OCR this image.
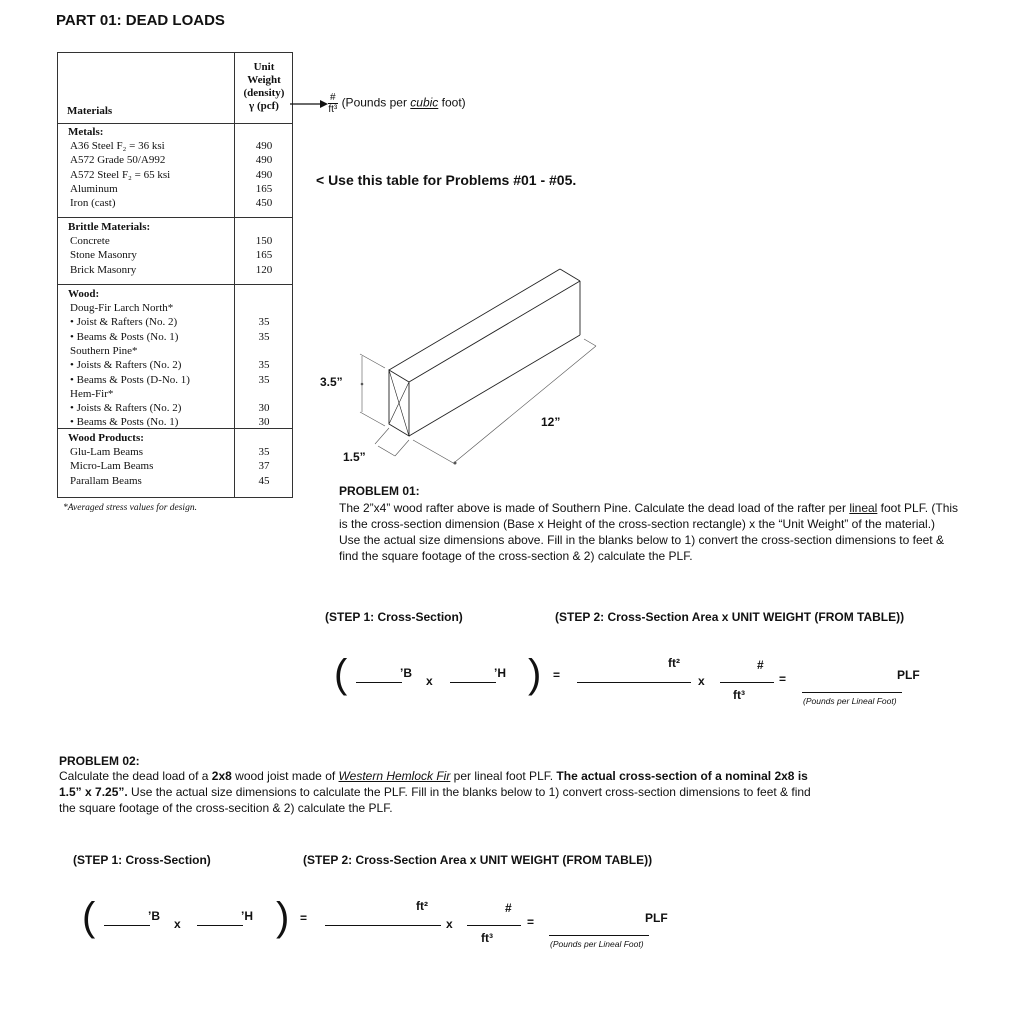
PART 01: DEAD LOADS
Materials
Unit
Weight
(density)
γ (pcf)
Metals:
A36 Steel F₂ = 36 ksi	490
A572 Grade 50/A992	490
A572 Steel F₂ = 65 ksi	490
Aluminum	165
Iron (cast)	450
Brittle Materials:
Concrete	150
Stone Masonry	165
Brick Masonry	120
Wood:
Doug-Fir Larch North*
• Joist & Rafters (No. 2)	35
• Beams & Posts (No. 1)	35
Southern Pine*
• Joists & Rafters (No. 2)	35
• Beams & Posts (D-No. 1)	35
Hem-Fir*
• Joists & Rafters (No. 2)	30
• Beams & Posts (No. 1)	30
Wood Products:
Glu-Lam Beams	35
Micro-Lam Beams	37
Parallam Beams	45
*Averaged stress values for design.
#
ft³ (Pounds per cubic foot)
< Use this table for Problems #01 - #05.
3.5”
1.5”
12”
PROBLEM 01:
The 2”x4” wood rafter above is made of Southern Pine. Calculate the dead load of the rafter per lineal foot PLF. (This is the cross-section dimension (Base x Height of the cross-section rectangle) x the “Unit Weight” of the material.) Use the actual size dimensions above. Fill in the blanks below to 1) convert the cross-section dimensions to feet & find the square footage of the cross-section & 2) calculate the PLF.
(STEP 1: Cross-Section)	(STEP 2: Cross-Section Area x UNIT WEIGHT (FROM TABLE))
(	’B
x
’H ) =
ft²
x
#
ft³
=	PLF
(Pounds per Lineal Foot)
PROBLEM 02:
Calculate the dead load of a 2x8 wood joist made of Western Hemlock Fir per lineal foot PLF. The actual cross-section of a nominal 2x8 is 1.5” x 7.25”. Use the actual size dimensions to calculate the PLF. Fill in the blanks below to 1) convert cross-section dimensions to feet & find the square footage of the cross-secition & 2) calculate the PLF.
(STEP 1: Cross-Section)	(STEP 2: Cross-Section Area x UNIT WEIGHT (FROM TABLE))
(	’B
x
’H ) =
ft²
x
#
ft³
=	PLF
(Pounds per Lineal Foot)
